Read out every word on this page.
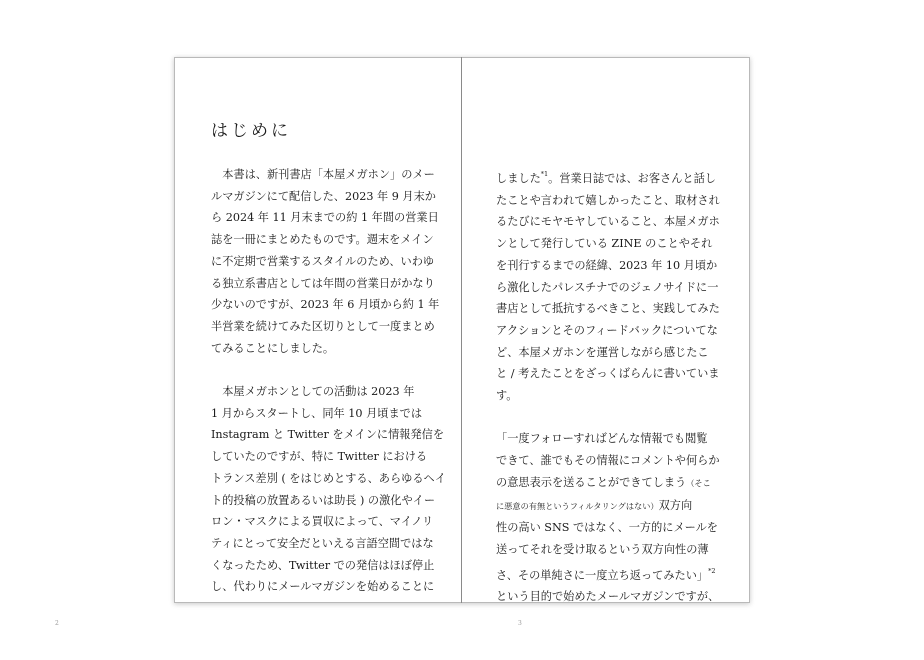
はじめに
　本書は、新刊書店「本屋メガホン」のメー
ルマガジンにて配信した、2023 年 9 月末か
ら 2024 年 11 月末までの約 1 年間の営業日
誌を一冊にまとめたものです。週末をメイン
に不定期で営業するスタイルのため、いわゆ
る独立系書店としては年間の営業日がかなり
少ないのですが、2023 年 6 月頃から約 1 年
半営業を続けてみた区切りとして一度まとめ
てみることにしました。
　本屋メガホンとしての活動は 2023 年
1 月からスタートし、同年 10 月頃までは
Instagram と Twitter をメインに情報発信を
していたのですが、特に Twitter における
トランス差別 ( をはじめとする、あらゆるヘイ
ト的投稿の放置あるいは助長 ) の激化やイー
ロン・マスクによる買収によって、マイノリ
ティにとって安全だといえる言語空間ではな
くなったため、Twitter での発信はほぼ停止
し、代わりにメールマガジンを始めることに
しました$^{*1}$。営業日誌では、お客さんと話し
たことや言われて嬉しかったこと、取材され
るたびにモヤモヤしていること、本屋メガホ
ンとして発行している ZINE のことやそれ
を刊行するまでの経緯、2023 年 10 月頃か
ら激化したパレスチナでのジェノサイドに一
書店として抵抗するべきこと、実践してみた
アクションとそのフィードバックについてな
ど、本屋メガホンを運営しながら感じたこ
と / 考えたことをざっくばらんに書いていま
す。
「一度フォローすればどんな情報でも閲覧
できて、誰でもその情報にコメントや何らか
の意思表示を送ることができてしまう（そこ
に悪意の有無というフィルタリングはない）双方向
性の高い SNS ではなく、一方的にメールを
送ってそれを受け取るという双方向性の薄
さ、その単純さに一度立ち返ってみたい」$^{*2}$
という目的で始めたメールマガジンですが、
2	3
